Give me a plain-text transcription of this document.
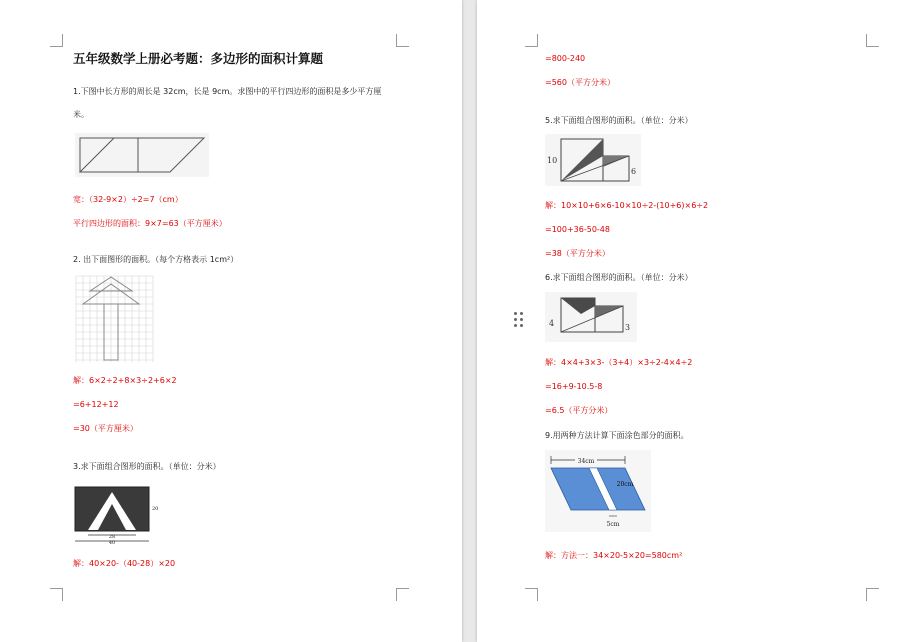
五年级数学上册必考题：多边形的面积计算题
1.下图中长方形的周长是 32cm，长是 9cm。求图中的平行四边形的面积是多少平方厘
米。
宽：（32-9×2）÷2=7（cm）
平行四边形的面积：9×7=63（平方厘米）
2. 出下面图形的面积。（每个方格表示 1cm²）
解：6×2÷2+8×3÷2+6×2
=6+12+12
=30（平方厘米）
3.求下面组合图形的面积。（单位：分米）
28
40
20
解：40×20-（40-28）×20
=800-240
=560（平方分米）
5.求下面组合图形的面积。（单位：分米）
10
6
解：10×10+6×6-10×10÷2-(10+6)×6÷2
=100+36-50-48
=38（平方分米）
6.求下面组合图形的面积。（单位：分米）
4	3
解：4×4+3×3-（3+4）×3÷2-4×4÷2
=16+9-10.5-8
=6.5（平方分米）
9.用两种方法计算下面涂色部分的面积。
34cm
20cm
5cm
解：方法一：34×20-5×20=580cm²
